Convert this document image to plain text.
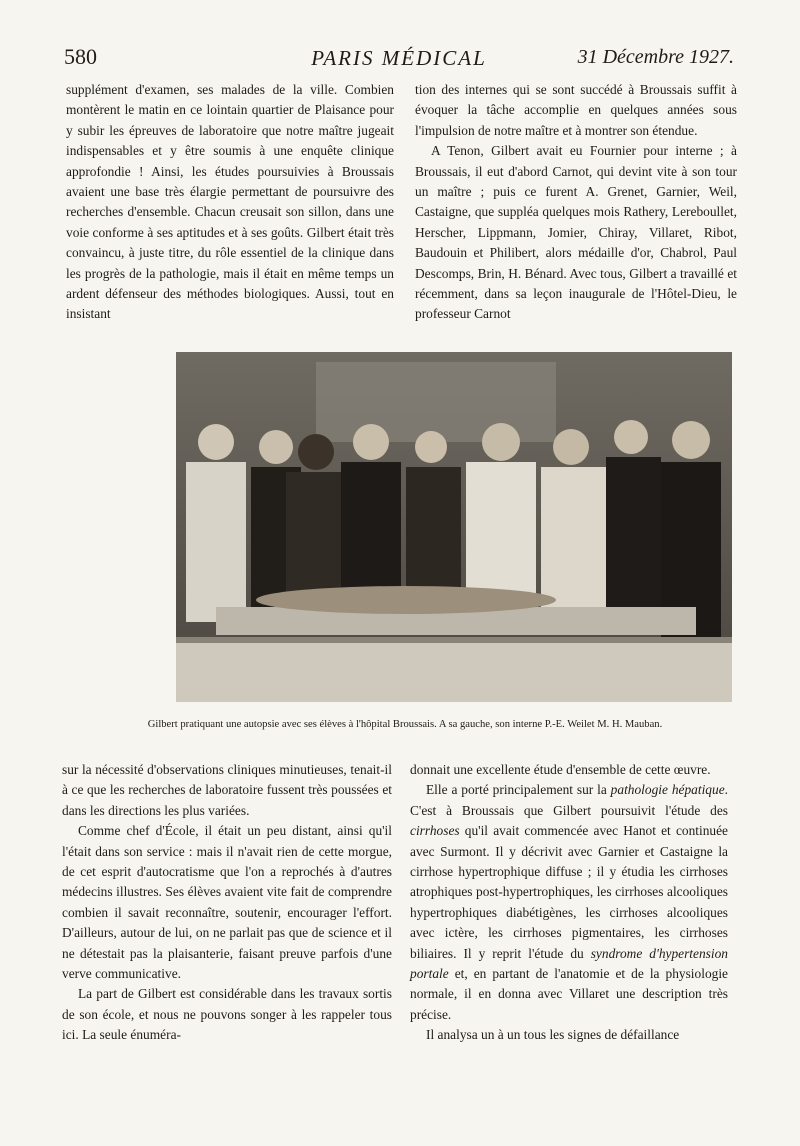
580	PARIS MÉDICAL	31 Décembre 1927.

supplément d'examen, ses malades de la ville. Combien montèrent le matin en ce lointain quartier de Plaisance pour y subir les épreuves de laboratoire que notre maître jugeait indispensables et y être soumis à une enquête clinique approfondie ! Ainsi, les études poursuivies à Broussais avaient une base très élargie permettant de poursuivre des recherches d'ensemble. Chacun creusait son sillon, dans une voie conforme à ses aptitudes et à ses goûts. Gilbert était très convaincu, à juste titre, du rôle essentiel de la clinique dans les progrès de la pathologie, mais il était en même temps un ardent défenseur des méthodes biologiques. Aussi, tout en insistant

tion des internes qui se sont succédé à Broussais suffit à évoquer la tâche accomplie en quelques années sous l'impulsion de notre maître et à montrer son étendue.

A Tenon, Gilbert avait eu Fournier pour interne ; à Broussais, il eut d'abord Carnot, qui devint vite à son tour un maître ; puis ce furent A. Grenet, Garnier, Weil, Castaigne, que suppléa quelques mois Rathery, Lereboullet, Herscher, Lippmann, Jomier, Chiray, Villaret, Ribot, Baudouin et Philibert, alors médaille d'or, Chabrol, Paul Descomps, Brin, H. Bénard. Avec tous, Gilbert a travaillé et récemment, dans sa leçon inaugurale de l'Hôtel-Dieu, le professeur Carnot

Gilbert pratiquant une autopsie avec ses élèves à l'hôpital Broussais. A sa gauche, son interne P.-E. Weilet M. H. Mauban.

sur la nécessité d'observations cliniques minutieuses, tenait-il à ce que les recherches de laboratoire fussent très poussées et dans les directions les plus variées.

Comme chef d'École, il était un peu distant, ainsi qu'il l'était dans son service : mais il n'avait rien de cette morgue, de cet esprit d'autocratisme que l'on a reprochés à d'autres médecins illustres. Ses élèves avaient vite fait de comprendre combien il savait reconnaître, soutenir, encourager l'effort. D'ailleurs, autour de lui, on ne parlait pas que de science et il ne détestait pas la plaisanterie, faisant preuve parfois d'une verve communicative.

La part de Gilbert est considérable dans les travaux sortis de son école, et nous ne pouvons songer à les rappeler tous ici. La seule énuméra-

donnait une excellente étude d'ensemble de cette œuvre.

Elle a porté principalement sur la pathologie hépatique. C'est à Broussais que Gilbert poursuivit l'étude des cirrhoses qu'il avait commencée avec Hanot et continuée avec Surmont. Il y décrivit avec Garnier et Castaigne la cirrhose hypertrophique diffuse ; il y étudia les cirrhoses atrophiques post-hypertrophiques, les cirrhoses alcooliques hypertrophiques diabétigènes, les cirrhoses alcooliques avec ictère, les cirrhoses pigmentaires, les cirrhoses biliaires. Il y reprit l'étude du syndrome d'hypertension portale et, en partant de l'anatomie et de la physiologie normale, il en donna avec Villaret une description très précise.

Il analysa un à un tous les signes de défaillance
